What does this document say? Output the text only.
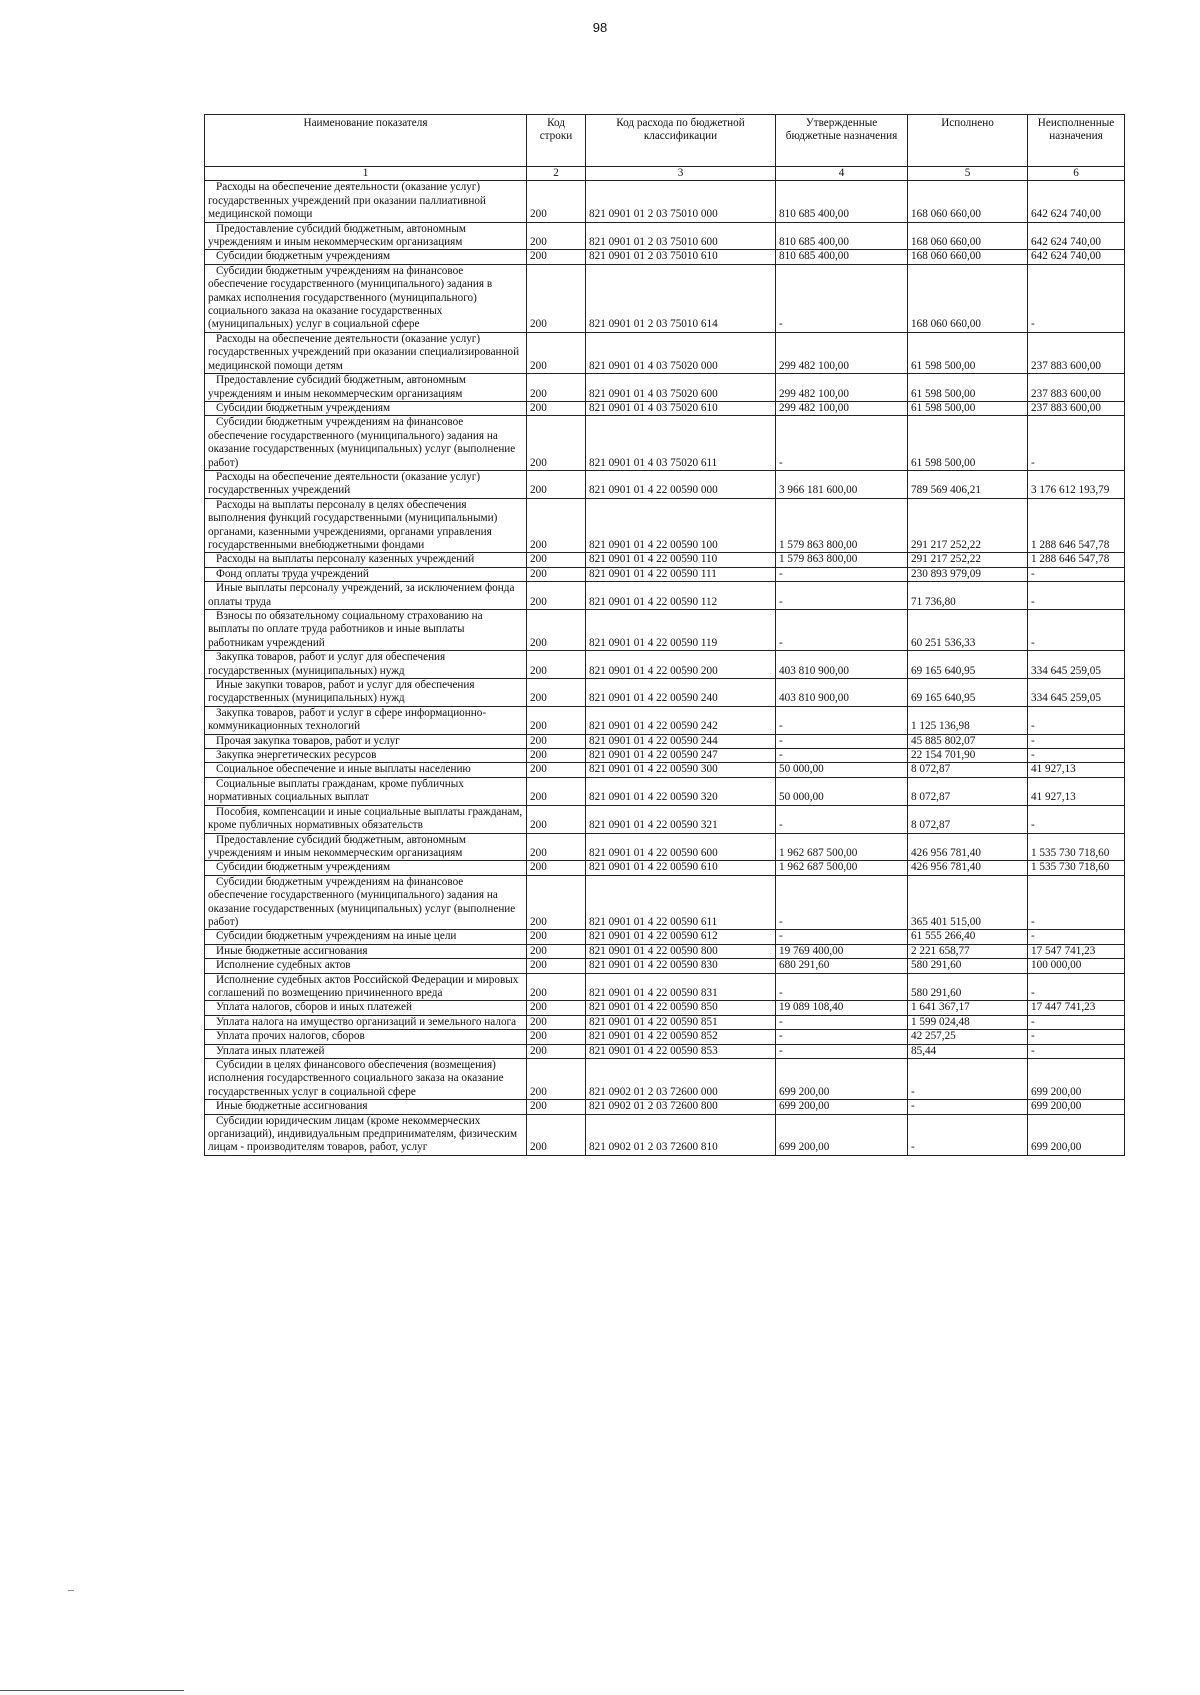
98
Наименование показателя	Код строки	Код расхода по бюджетной классификации	Утвержденные бюджетные назначения	Исполнено	Неисполненные назначения
1	2	3	4	5	6
Расходы на обеспечение деятельности (оказание услуг) государственных учреждений при оказании паллиативной медицинской помощи	200	821 0901 01 2 03 75010 000	810 685 400,00	168 060 660,00	642 624 740,00
Предоставление субсидий бюджетным, автономным учреждениям и иным некоммерческим организациям	200	821 0901 01 2 03 75010 600	810 685 400,00	168 060 660,00	642 624 740,00
Субсидии бюджетным учреждениям	200	821 0901 01 2 03 75010 610	810 685 400,00	168 060 660,00	642 624 740,00
Субсидии бюджетным учреждениям на финансовое обеспечение государственного (муниципального) задания в рамках исполнения государственного (муниципального) социального заказа на оказание государственных (муниципальных) услуг в социальной сфере	200	821 0901 01 2 03 75010 614	-	168 060 660,00	-
Расходы на обеспечение деятельности (оказание услуг) государственных учреждений при оказании специализированной медицинской помощи детям	200	821 0901 01 4 03 75020 000	299 482 100,00	61 598 500,00	237 883 600,00
Предоставление субсидий бюджетным, автономным учреждениям и иным некоммерческим организациям	200	821 0901 01 4 03 75020 600	299 482 100,00	61 598 500,00	237 883 600,00
Субсидии бюджетным учреждениям	200	821 0901 01 4 03 75020 610	299 482 100,00	61 598 500,00	237 883 600,00
Субсидии бюджетным учреждениям на финансовое обеспечение государственного (муниципального) задания на оказание государственных (муниципальных) услуг (выполнение работ)	200	821 0901 01 4 03 75020 611	-	61 598 500,00	-
Расходы на обеспечение деятельности (оказание услуг) государственных учреждений	200	821 0901 01 4 22 00590 000	3 966 181 600,00	789 569 406,21	3 176 612 193,79
Расходы на выплаты персоналу в целях обеспечения выполнения функций государственными (муниципальными) органами, казенными учреждениями, органами управления государственными внебюджетными фондами	200	821 0901 01 4 22 00590 100	1 579 863 800,00	291 217 252,22	1 288 646 547,78
Расходы на выплаты персоналу казенных учреждений	200	821 0901 01 4 22 00590 110	1 579 863 800,00	291 217 252,22	1 288 646 547,78
Фонд оплаты труда учреждений	200	821 0901 01 4 22 00590 111	-	230 893 979,09	-
Иные выплаты персоналу учреждений, за исключением фонда оплаты труда	200	821 0901 01 4 22 00590 112	-	71 736,80	-
Взносы по обязательному социальному страхованию на выплаты по оплате труда работников и иные выплаты работникам учреждений	200	821 0901 01 4 22 00590 119	-	60 251 536,33	-
Закупка товаров, работ и услуг для обеспечения государственных (муниципальных) нужд	200	821 0901 01 4 22 00590 200	403 810 900,00	69 165 640,95	334 645 259,05
Иные закупки товаров, работ и услуг для обеспечения государственных (муниципальных) нужд	200	821 0901 01 4 22 00590 240	403 810 900,00	69 165 640,95	334 645 259,05
Закупка товаров, работ и услуг в сфере информационно-коммуникационных технологий	200	821 0901 01 4 22 00590 242	-	1 125 136,98	-
Прочая закупка товаров, работ и услуг	200	821 0901 01 4 22 00590 244	-	45 885 802,07	-
Закупка энергетических ресурсов	200	821 0901 01 4 22 00590 247	-	22 154 701,90	-
Социальное обеспечение и иные выплаты населению	200	821 0901 01 4 22 00590 300	50 000,00	8 072,87	41 927,13
Социальные выплаты гражданам, кроме публичных нормативных социальных выплат	200	821 0901 01 4 22 00590 320	50 000,00	8 072,87	41 927,13
Пособия, компенсации и иные социальные выплаты гражданам, кроме публичных нормативных обязательств	200	821 0901 01 4 22 00590 321	-	8 072,87	-
Предоставление субсидий бюджетным, автономным учреждениям и иным некоммерческим организациям	200	821 0901 01 4 22 00590 600	1 962 687 500,00	426 956 781,40	1 535 730 718,60
Субсидии бюджетным учреждениям	200	821 0901 01 4 22 00590 610	1 962 687 500,00	426 956 781,40	1 535 730 718,60
Субсидии бюджетным учреждениям на финансовое обеспечение государственного (муниципального) задания на оказание государственных (муниципальных) услуг (выполнение работ)	200	821 0901 01 4 22 00590 611	-	365 401 515,00	-
Субсидии бюджетным учреждениям на иные цели	200	821 0901 01 4 22 00590 612	-	61 555 266,40	-
Иные бюджетные ассигнования	200	821 0901 01 4 22 00590 800	19 769 400,00	2 221 658,77	17 547 741,23
Исполнение судебных актов	200	821 0901 01 4 22 00590 830	680 291,60	580 291,60	100 000,00
Исполнение судебных актов Российской Федерации и мировых соглашений по возмещению причиненного вреда	200	821 0901 01 4 22 00590 831	-	580 291,60	-
Уплата налогов, сборов и иных платежей	200	821 0901 01 4 22 00590 850	19 089 108,40	1 641 367,17	17 447 741,23
Уплата налога на имущество организаций и земельного налога	200	821 0901 01 4 22 00590 851	-	1 599 024,48	-
Уплата прочих налогов, сборов	200	821 0901 01 4 22 00590 852	-	42 257,25	-
Уплата иных платежей	200	821 0901 01 4 22 00590 853	-	85,44	-
Субсидии в целях финансового обеспечения (возмещения) исполнения государственного социального заказа на оказание государственных услуг в социальной сфере	200	821 0902 01 2 03 72600 000	699 200,00	-	699 200,00
Иные бюджетные ассигнования	200	821 0902 01 2 03 72600 800	699 200,00	-	699 200,00
Субсидии юридическим лицам (кроме некоммерческих организаций), индивидуальным предпринимателям, физическим лицам - производителям товаров, работ, услуг	200	821 0902 01 2 03 72600 810	699 200,00	-	699 200,00
